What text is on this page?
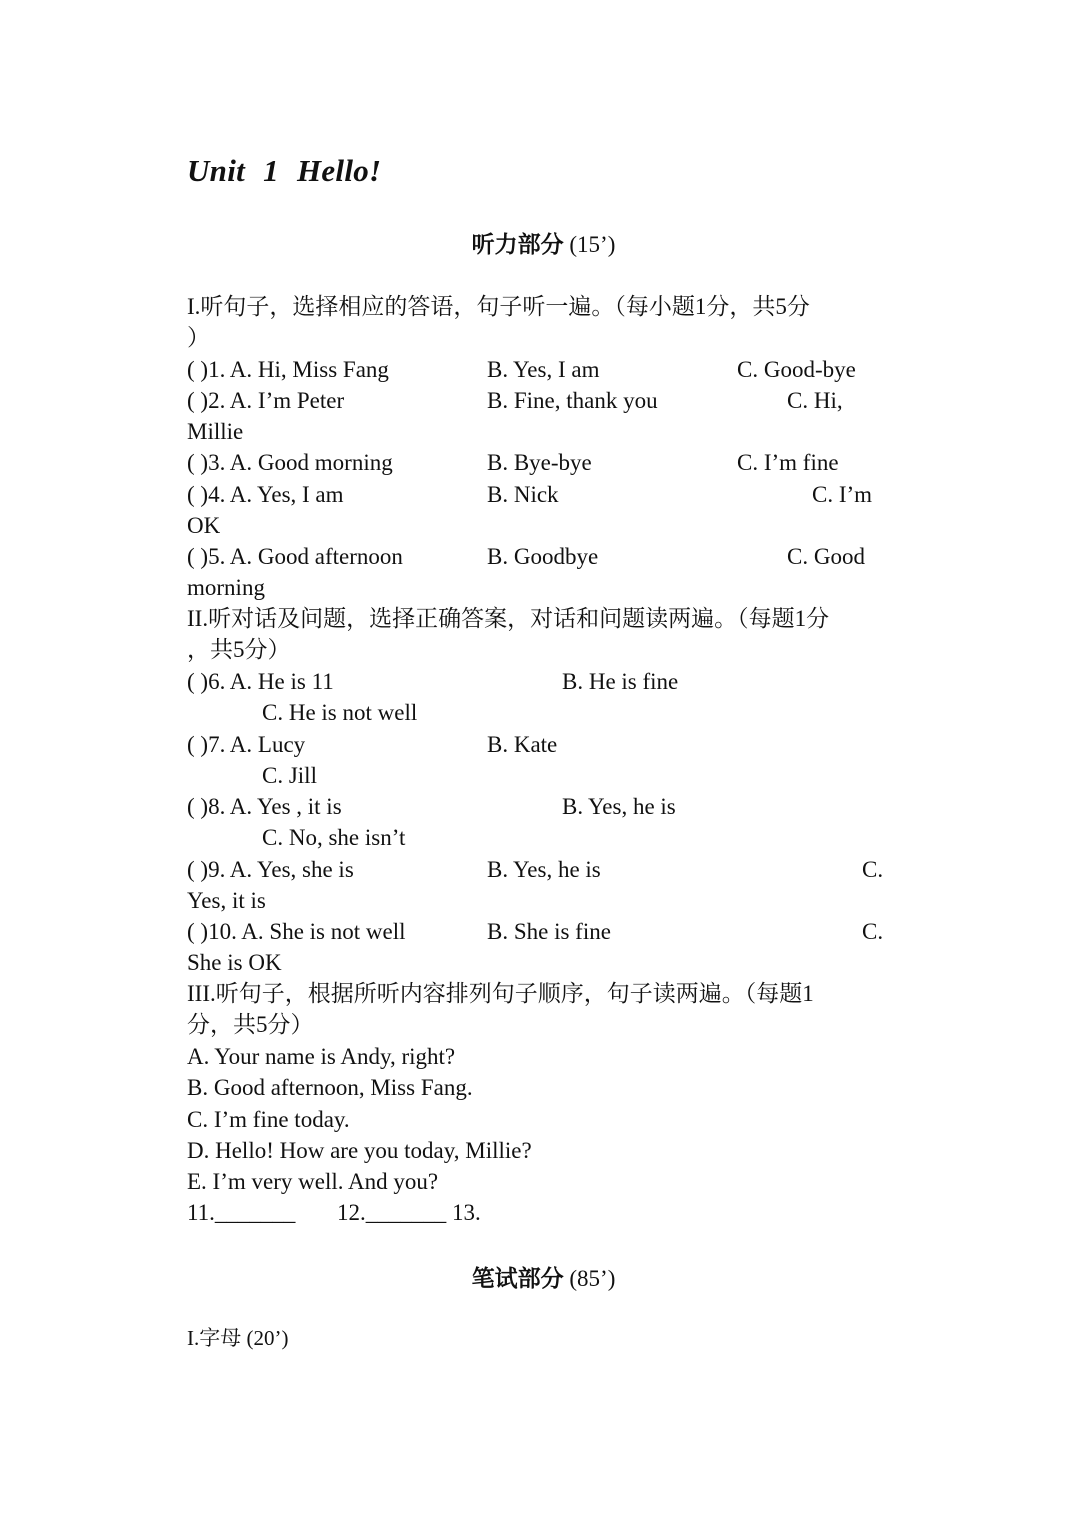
Unit 1 Hello!
听力部分 (15’)
I.听句子，选择相应的答语，句子听一遍。（每小题1分，共5分
）
( )1. A. Hi, Miss Fang	B. Yes, I am	C. Good-bye
( )2. A. I’m Peter	B. Fine, thank you	C. Hi,
Millie
( )3. A. Good morning	B. Bye-bye	C. I’m fine
( )4. A. Yes, I am	B. Nick	C. I’m
OK
( )5. A. Good afternoon	B. Goodbye	C. Good
morning
II.听对话及问题，选择正确答案，对话和问题读两遍。（每题1分
，共5分）
( )6. A. He is 11	B. He is fine
C. He is not well
( )7. A. Lucy	B. Kate
C. Jill
( )8. A. Yes , it is	B. Yes, he is
C. No, she isn’t
( )9. A. Yes, she is	B. Yes, he is	C.
Yes, it is
( )10. A. She is not well	B. She is fine	C.
She is OK
III.听句子，根据所听内容排列句子顺序，句子读两遍。（每题1
分，共5分）
A. Your name is Andy, right?
B. Good afternoon, Miss Fang.
C. I’m fine today.
D. Hello! How are you today, Millie?
E. I’m very well. And you?
11._______ 12._______ 13.
笔试部分 (85’)
I.字母 (20’)
